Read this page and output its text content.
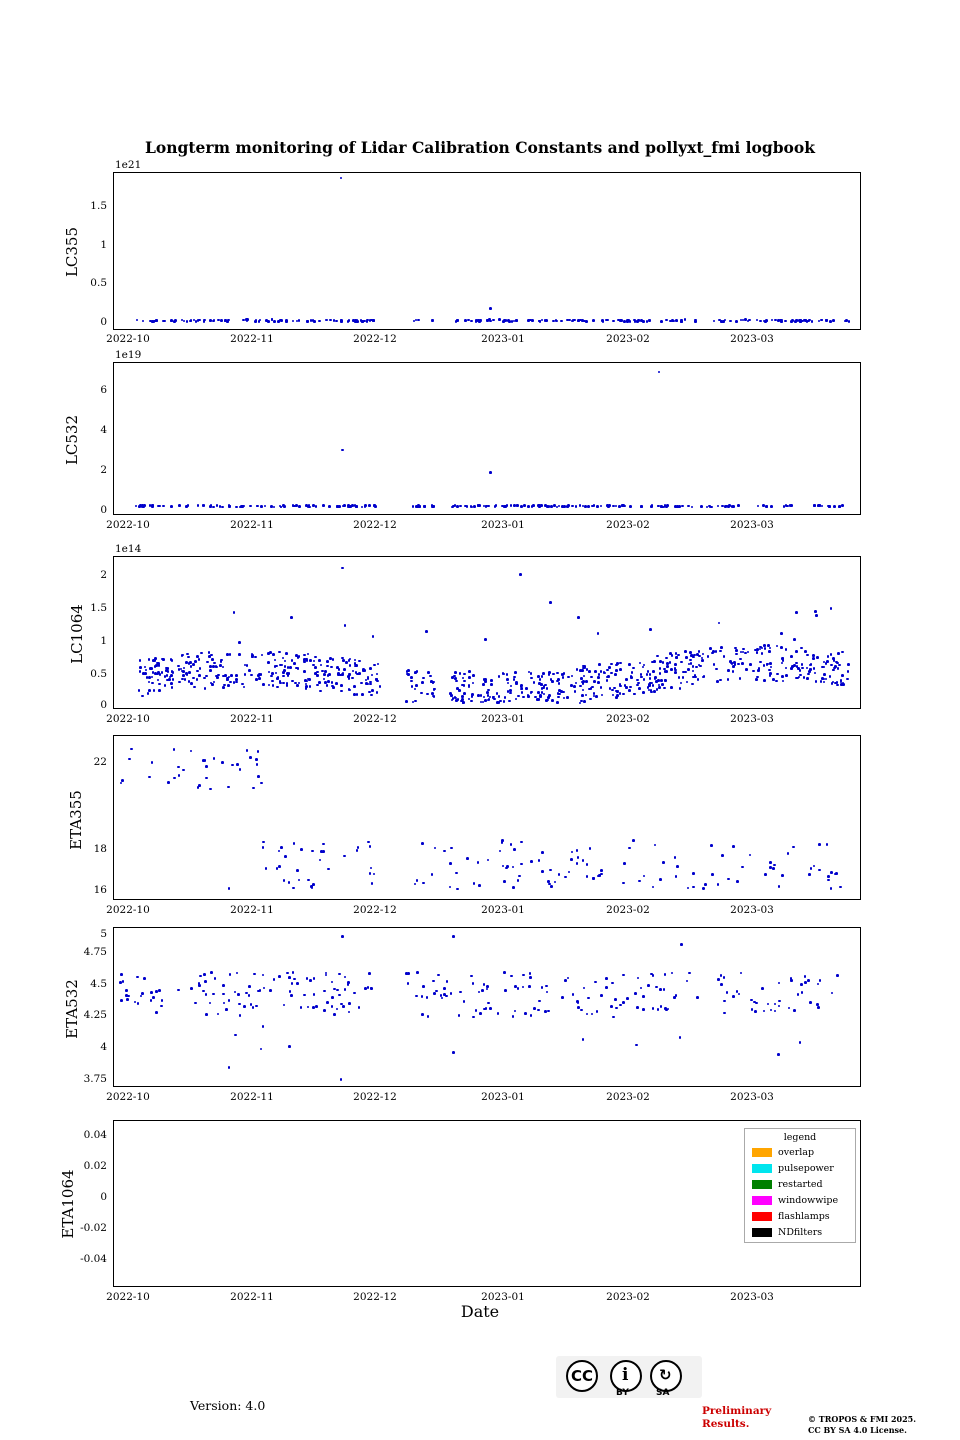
Longterm monitoring of Lidar Calibration Constants and pollyxt_fmi logbook
1e21
LC355
0
0.5
1
1.5
2022-10	2022-11	2022-12	2023-01	2023-02	2023-03
1e19
LC532
0
2
4
6
2022-10	2022-11	2022-12	2023-01	2023-02	2023-03
1e14
LC1064
0
0.5
1
1.5
2
2022-10	2022-11	2022-12	2023-01	2023-02	2023-03
ETA355
16
18
22
2022-10	2022-11	2022-12	2023-01	2023-02	2023-03
ETA532
3.75
4
4.25
4.5
4.75
5
2022-10	2022-11	2022-12	2023-01	2023-02	2023-03
ETA1064
-0.04
-0.02
0
0.02
0.04
2022-10	2022-11	2022-12	2023-01	2023-02	2023-03
Date
legend
overlap
pulsepower
restarted
windowwipe
flashlamps
NDfilters
Version: 4.0
CC i ↻
BY	SA
Preliminary
Results.	© TROPOS & FMI 2025.
CC BY SA 4.0 License.
